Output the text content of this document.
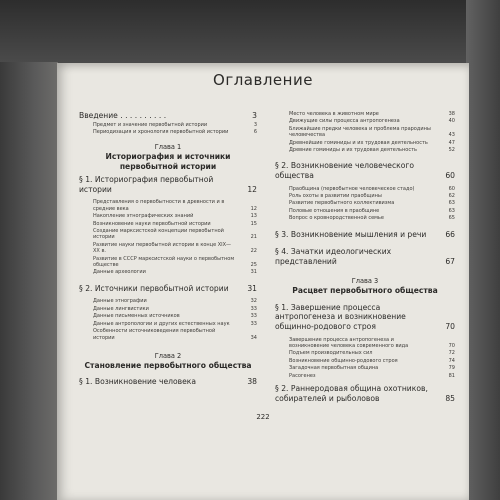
Оглавление
Введение . . . . . . . . . .	3
Предмет и значение первобытной истории	3
Периодизация и хронология первобытной истории	6
Глава 1
Историография и источники первобытной истории
§ 1. Историография первобытной истории	12
Представления о первобытности в древности и в средние века	12
Накопление этнографических знаний	13
Возникновение науки первобытной истории	15
Создание марксистской концепции первобытной истории	21
Развитие науки первобытной истории в конце XIX—XX в.	22
Развитие в СССР марксистской науки о первобытном обществе	25
Данные археологии	31
§ 2. Источники первобытной истории	31
Данные этнографии	32
Данные лингвистики	33
Данные письменных источников	33
Данные антропологии и других естественных наук	33
Особенности источниковедения первобытной истории	34
Глава 2
Становление первобытного общества
§ 1. Возникновение человека	38
Место человека в животном мире	38
Движущие силы процесса антропогенеза	40
Ближайшие предки человека и проблема прародины человечества	43
Древнейшие гоминиды и их трудовая деятельность	47
Древние гоминиды и их трудовая деятельность	52
§ 2. Возникновение человеческого общества	60
Праобщина (первобытное человеческое стадо)	60
Роль охоты в развитии праобщины	62
Развитие первобытного коллективизма	63
Половые отношения в праобщине	63
Вопрос о кровнородственной семье	65
§ 3. Возникновение мышления и речи	66
§ 4. Зачатки идеологических представлений	67
Глава 3
Расцвет первобытного общества
§ 1. Завершение процесса антропогенеза и возникновение общинно-родового строя	70
Завершение процесса антропогенеза и возникновение человека современного вида	70
Подъем производительных сил	72
Возникновение общинно-родового строя	74
Загадочная первобытная община	79
Расогенез	81
§ 2. Раннеродовая община охотников, собирателей и рыболовов	85
222
